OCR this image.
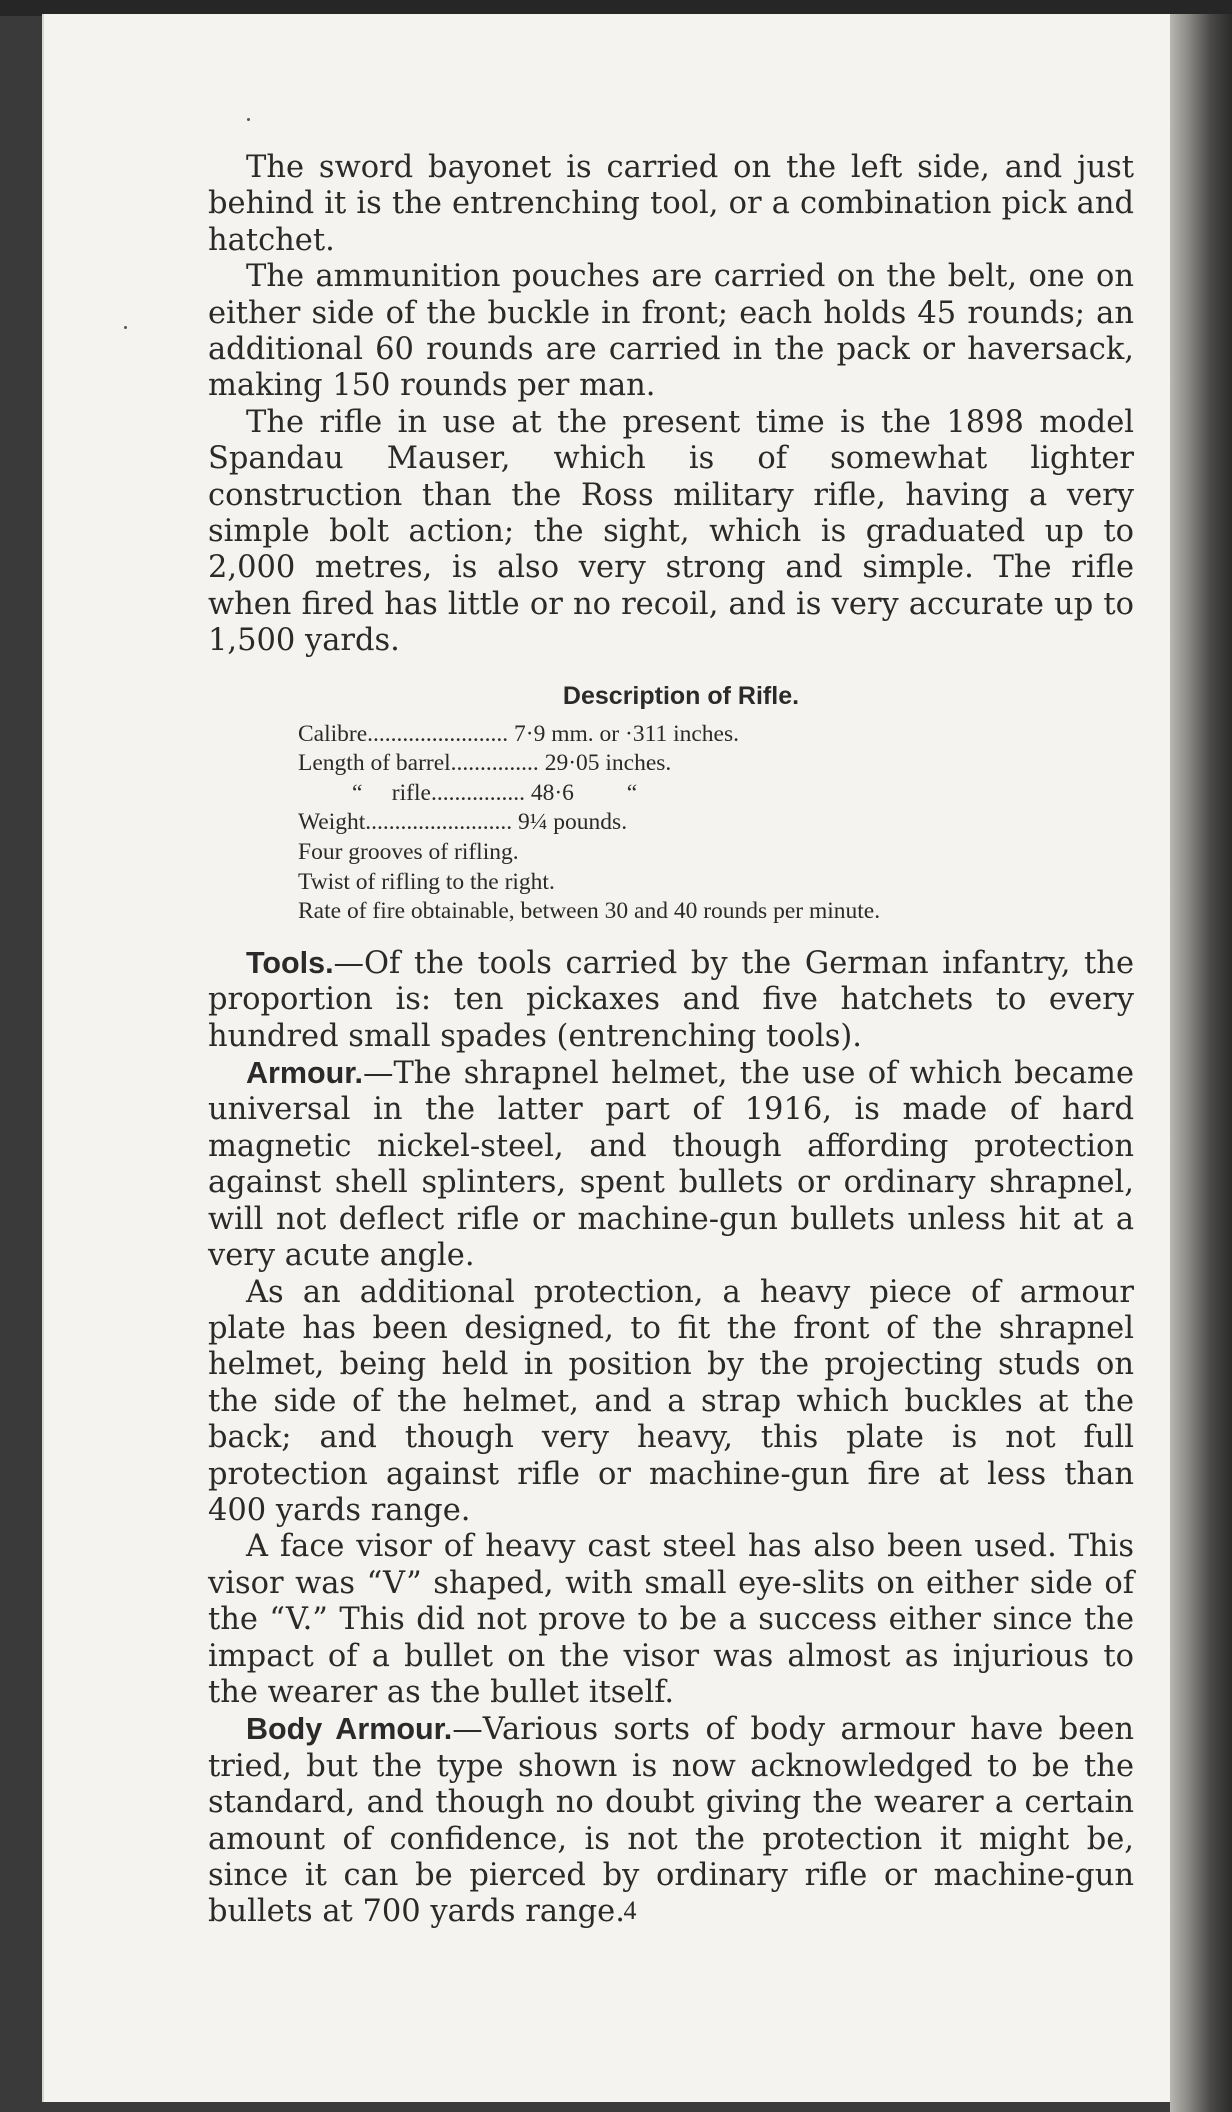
The sword bayonet is carried on the left side, and just behind it is the entrenching tool, or a combination pick and hatchet.

The ammunition pouches are carried on the belt, one on either side of the buckle in front; each holds 45 rounds; an additional 60 rounds are carried in the pack or haversack, making 150 rounds per man.

The rifle in use at the present time is the 1898 model Spandau Mauser, which is of somewhat lighter construction than the Ross military rifle, having a very simple bolt action; the sight, which is graduated up to 2,000 metres, is also very strong and simple. The rifle when fired has little or no recoil, and is very accurate up to 1,500 yards.

Description of Rifle.
Calibre........................ 7·9 mm. or ·311 inches.
Length of barrel............... 29·05 inches.
“     rifle................ 48·6         “
Weight......................... 9¼ pounds.
Four grooves of rifling.
Twist of rifling to the right.
Rate of fire obtainable, between 30 and 40 rounds per minute.

Tools.—Of the tools carried by the German infantry, the proportion is: ten pickaxes and five hatchets to every hundred small spades (entrenching tools).

Armour.—The shrapnel helmet, the use of which became universal in the latter part of 1916, is made of hard magnetic nickel-steel, and though affording protection against shell splinters, spent bullets or ordinary shrapnel, will not deflect rifle or machine-gun bullets unless hit at a very acute angle.

As an additional protection, a heavy piece of armour plate has been designed, to fit the front of the shrapnel helmet, being held in position by the projecting studs on the side of the helmet, and a strap which buckles at the back; and though very heavy, this plate is not full protection against rifle or machine-gun fire at less than 400 yards range.

A face visor of heavy cast steel has also been used. This visor was “V” shaped, with small eye-slits on either side of the “V.” This did not prove to be a success either since the impact of a bullet on the visor was almost as injurious to the wearer as the bullet itself.

Body Armour.—Various sorts of body armour have been tried, but the type shown is now acknowledged to be the standard, and though no doubt giving the wearer a certain amount of confidence, is not the protection it might be, since it can be pierced by ordinary rifle or machine-gun bullets at 700 yards range.

4
